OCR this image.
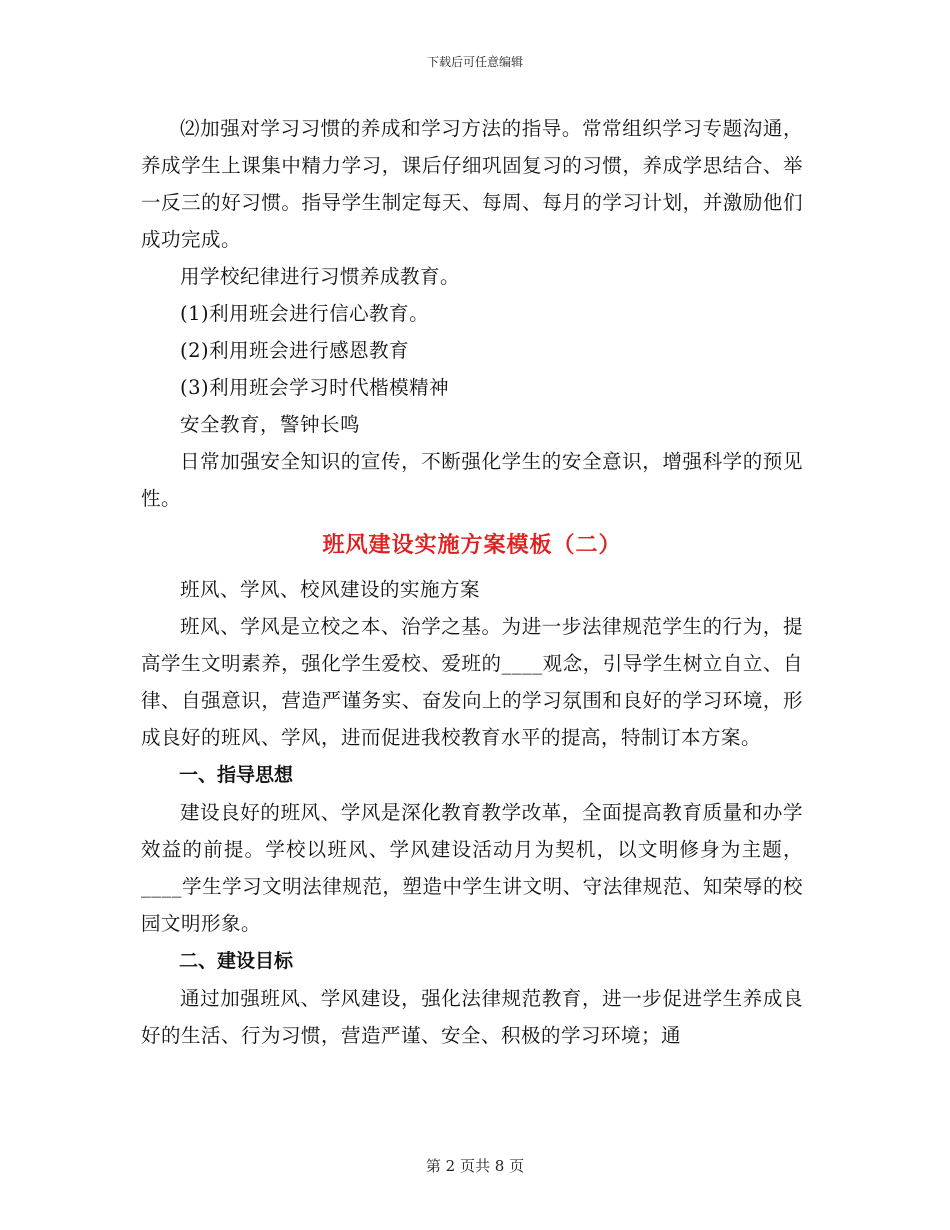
下载后可任意编辑

⑵加强对学习习惯的养成和学习方法的指导。常常组织学习专题沟通，养成学生上课集中精力学习，课后仔细巩固复习的习惯，养成学思结合、举一反三的好习惯。指导学生制定每天、每周、每月的学习计划，并激励他们成功完成。

用学校纪律进行习惯养成教育。

(1)利用班会进行信心教育。

(2)利用班会进行感恩教育

(3)利用班会学习时代楷模精神

安全教育，警钟长鸣

日常加强安全知识的宣传，不断强化学生的安全意识，增强科学的预见性。

班风建设实施方案模板（二）

班风、学风、校风建设的实施方案

班风、学风是立校之本、治学之基。为进一步法律规范学生的行为，提高学生文明素养，强化学生爱校、爱班的____观念，引导学生树立自立、自律、自强意识，营造严谨务实、奋发向上的学习氛围和良好的学习环境，形成良好的班风、学风，进而促进我校教育水平的提高，特制订本方案。

一、指导思想

建设良好的班风、学风是深化教育教学改革，全面提高教育质量和办学效益的前提。学校以班风、学风建设活动月为契机，以文明修身为主题，____学生学习文明法律规范，塑造中学生讲文明、守法律规范、知荣辱的校园文明形象。

二、建设目标

通过加强班风、学风建设，强化法律规范教育，进一步促进学生养成良好的生活、行为习惯，营造严谨、安全、积极的学习环境；通

第 2 页共 8 页
